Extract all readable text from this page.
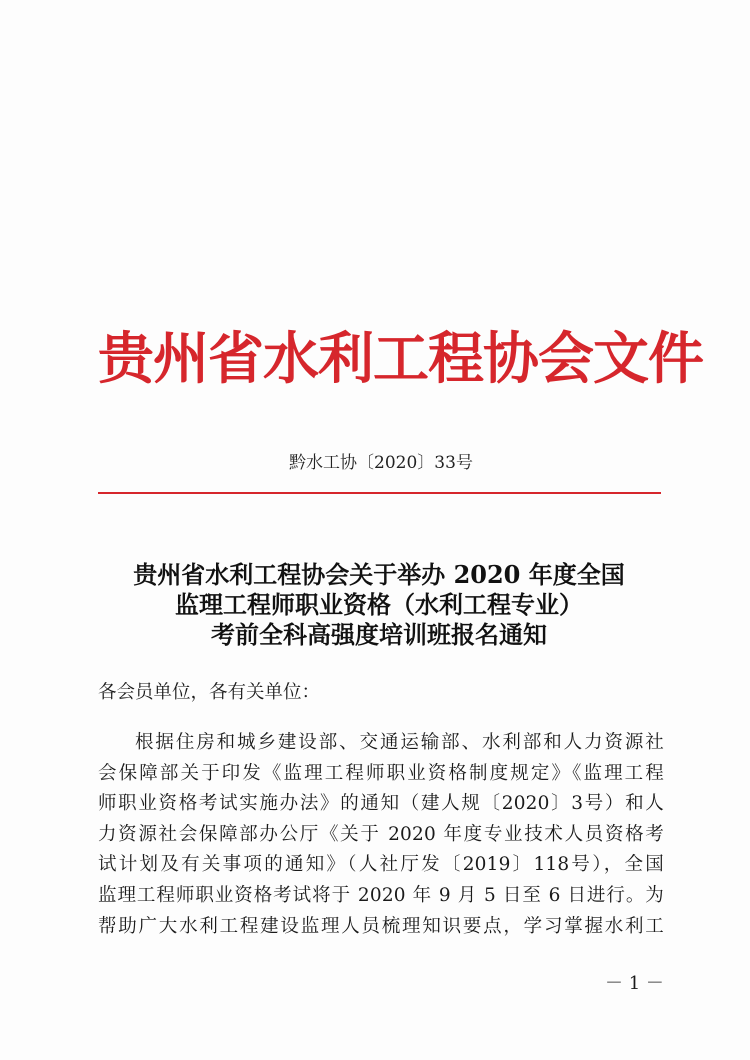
贵州省水利工程协会文件
黔水工协〔2020〕33号
贵州省水利工程协会关于举办 2020 年度全国
监理工程师职业资格（水利工程专业）
考前全科高强度培训班报名通知
各会员单位，各有关单位：
根据住房和城乡建设部、交通运输部、水利部和人力资源社
会保障部关于印发《监理工程师职业资格制度规定》《监理工程
师职业资格考试实施办法》的通知（建人规〔2020〕3号）和人
力资源社会保障部办公厅《关于 2020 年度专业技术人员资格考
试计划及有关事项的通知》（人社厅发〔2019〕118号），全国
监理工程师职业资格考试将于 2020 年 9 月 5 日至 6 日进行。为
帮助广大水利工程建设监理人员梳理知识要点，学习掌握水利工
－ 1 －
